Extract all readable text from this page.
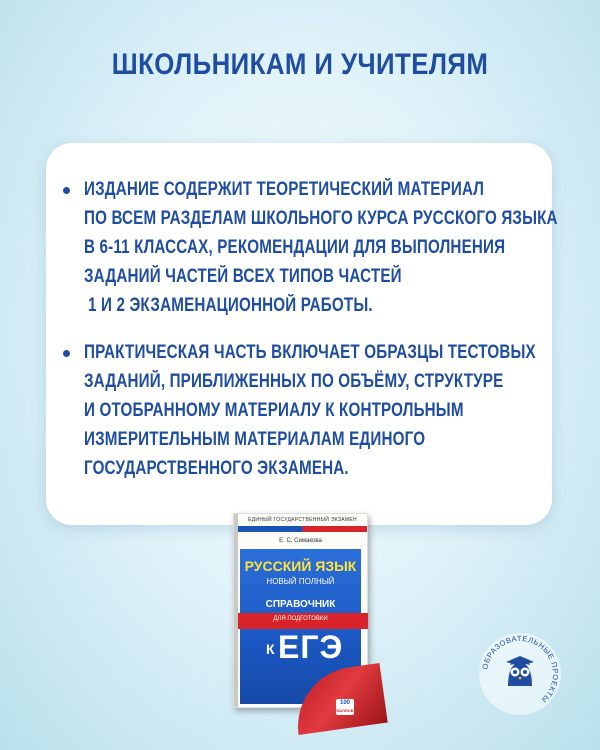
ШКОЛЬНИКАМ И УЧИТЕЛЯМ
ИЗДАНИЕ СОДЕРЖИТ ТЕОРЕТИЧЕСКИЙ МАТЕРИАЛ
ПО ВСЕМ РАЗДЕЛАМ ШКОЛЬНОГО КУРСА РУССКОГО ЯЗЫКА
В 6-11 КЛАССАХ, РЕКОМЕНДАЦИИ ДЛЯ ВЫПОЛНЕНИЯ
ЗАДАНИЙ ЧАСТЕЙ ВСЕХ ТИПОВ ЧАСТЕЙ
1 И 2 ЭКЗАМЕНАЦИОННОЙ РАБОТЫ.
ПРАКТИЧЕСКАЯ ЧАСТЬ ВКЛЮЧАЕТ ОБРАЗЦЫ ТЕСТОВЫХ
ЗАДАНИЙ, ПРИБЛИЖЕННЫХ ПО ОБЪЁМУ, СТРУКТУРЕ
И ОТОБРАННОМУ МАТЕРИАЛУ К КОНТРОЛЬНЫМ
ИЗМЕРИТЕЛЬНЫМ МАТЕРИАЛАМ ЕДИНОГО
ГОСУДАРСТВЕННОГО ЭКЗАМЕНА.
ЕДИНЫЙ ГОСУДАРСТВЕННЫЙ ЭКЗАМЕН
Е. С. Симакова
РУССКИЙ ЯЗЫК
НОВЫЙ ПОЛНЫЙ
СПРАВОЧНИК
ДЛЯ ПОДГОТОВКИ
К ЕГЭ
100
БАЛЛОВ
ОБРАЗОВАТЕЛЬНЫЕ ПРОЕКТЫ
